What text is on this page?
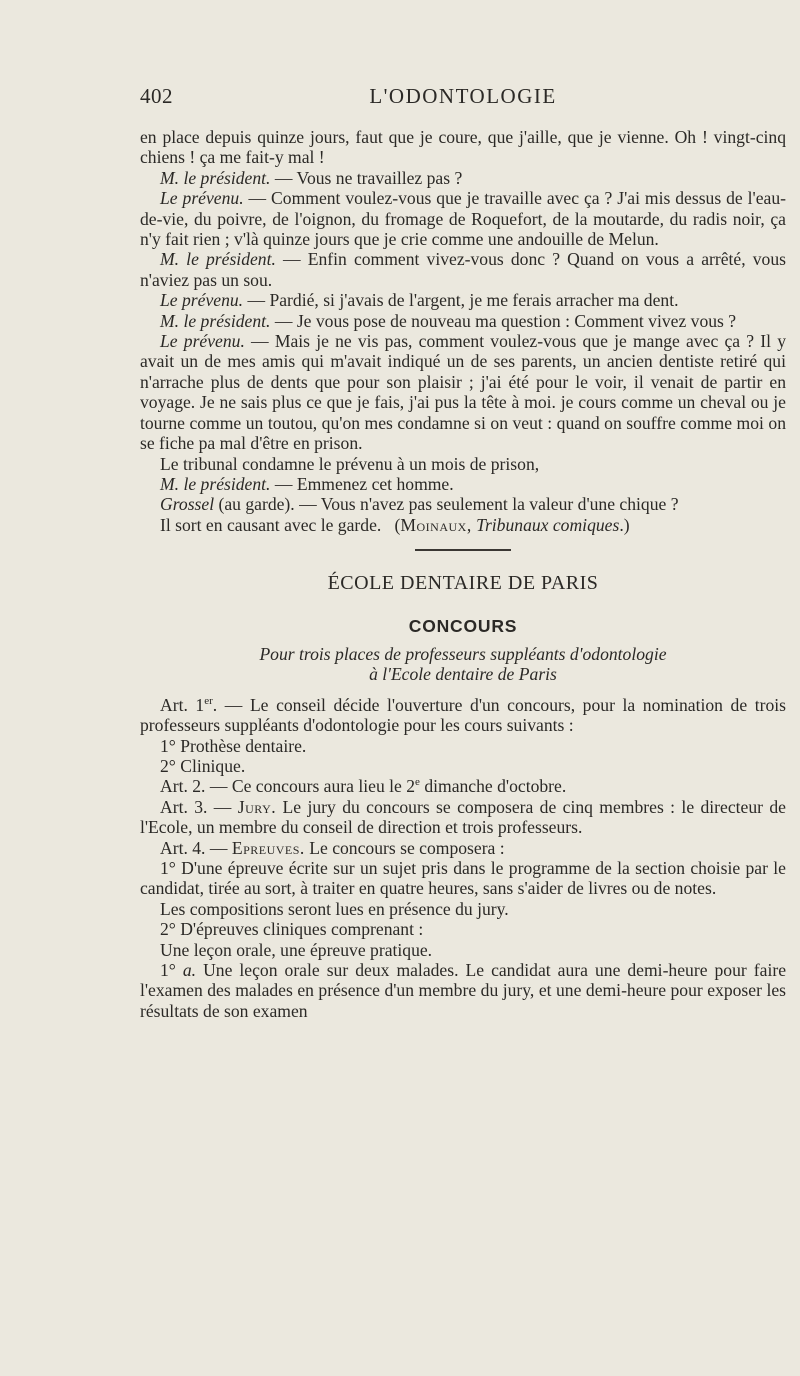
402	L'ODONTOLOGIE

en place depuis quinze jours, faut que je coure, que j'aille, que je vienne. Oh ! vingt-cinq chiens ! ça me fait-y mal !

M. le président. — Vous ne travaillez pas ?

Le prévenu. — Comment voulez-vous que je travaille avec ça ? J'ai mis dessus de l'eau-de-vie, du poivre, de l'oignon, du fromage de Roquefort, de la moutarde, du radis noir, ça n'y fait rien ; v'là quinze jours que je crie comme une andouille de Melun.

M. le président. — Enfin comment vivez-vous donc ? Quand on vous a arrêté, vous n'aviez pas un sou.

Le prévenu. — Pardié, si j'avais de l'argent, je me ferais arracher ma dent.

M. le président. — Je vous pose de nouveau ma question : Comment vivez vous ?

Le prévenu. — Mais je ne vis pas, comment voulez-vous que je mange avec ça ? Il y avait un de mes amis qui m'avait indiqué un de ses parents, un ancien dentiste retiré qui n'arrache plus de dents que pour son plaisir ; j'ai été pour le voir, il venait de partir en voyage. Je ne sais plus ce que je fais, j'ai pus la tête à moi. je cours comme un cheval ou je tourne comme un toutou, qu'on mes condamne si on veut : quand on souffre comme moi on se fiche pa mal d'être en prison.

Le tribunal condamne le prévenu à un mois de prison,

M. le président. — Emmenez cet homme.

Grossel (au garde). — Vous n'avez pas seulement la valeur d'une chique ?

Il sort en causant avec le garde. (Moinaux, Tribunaux comiques.)

ÉCOLE DENTAIRE DE PARIS
CONCOURS

Pour trois places de professeurs suppléants d'odontologie

à l'Ecole dentaire de Paris

Art. 1er. — Le conseil décide l'ouverture d'un concours, pour la nomination de trois professeurs suppléants d'odontologie pour les cours suivants :

1° Prothèse dentaire.

2° Clinique.

Art. 2. — Ce concours aura lieu le 2e dimanche d'octobre.

Art. 3. — Jury. Le jury du concours se composera de cinq membres : le directeur de l'Ecole, un membre du conseil de direction et trois professeurs.

Art. 4. — Epreuves. Le concours se composera :

1° D'une épreuve écrite sur un sujet pris dans le programme de la section choisie par le candidat, tirée au sort, à traiter en quatre heures, sans s'aider de livres ou de notes.

Les compositions seront lues en présence du jury.

2° D'épreuves cliniques comprenant :

Une leçon orale, une épreuve pratique.

1° a. Une leçon orale sur deux malades. Le candidat aura une demi-heure pour faire l'examen des malades en présence d'un membre du jury, et une demi-heure pour exposer les résultats de son examen
